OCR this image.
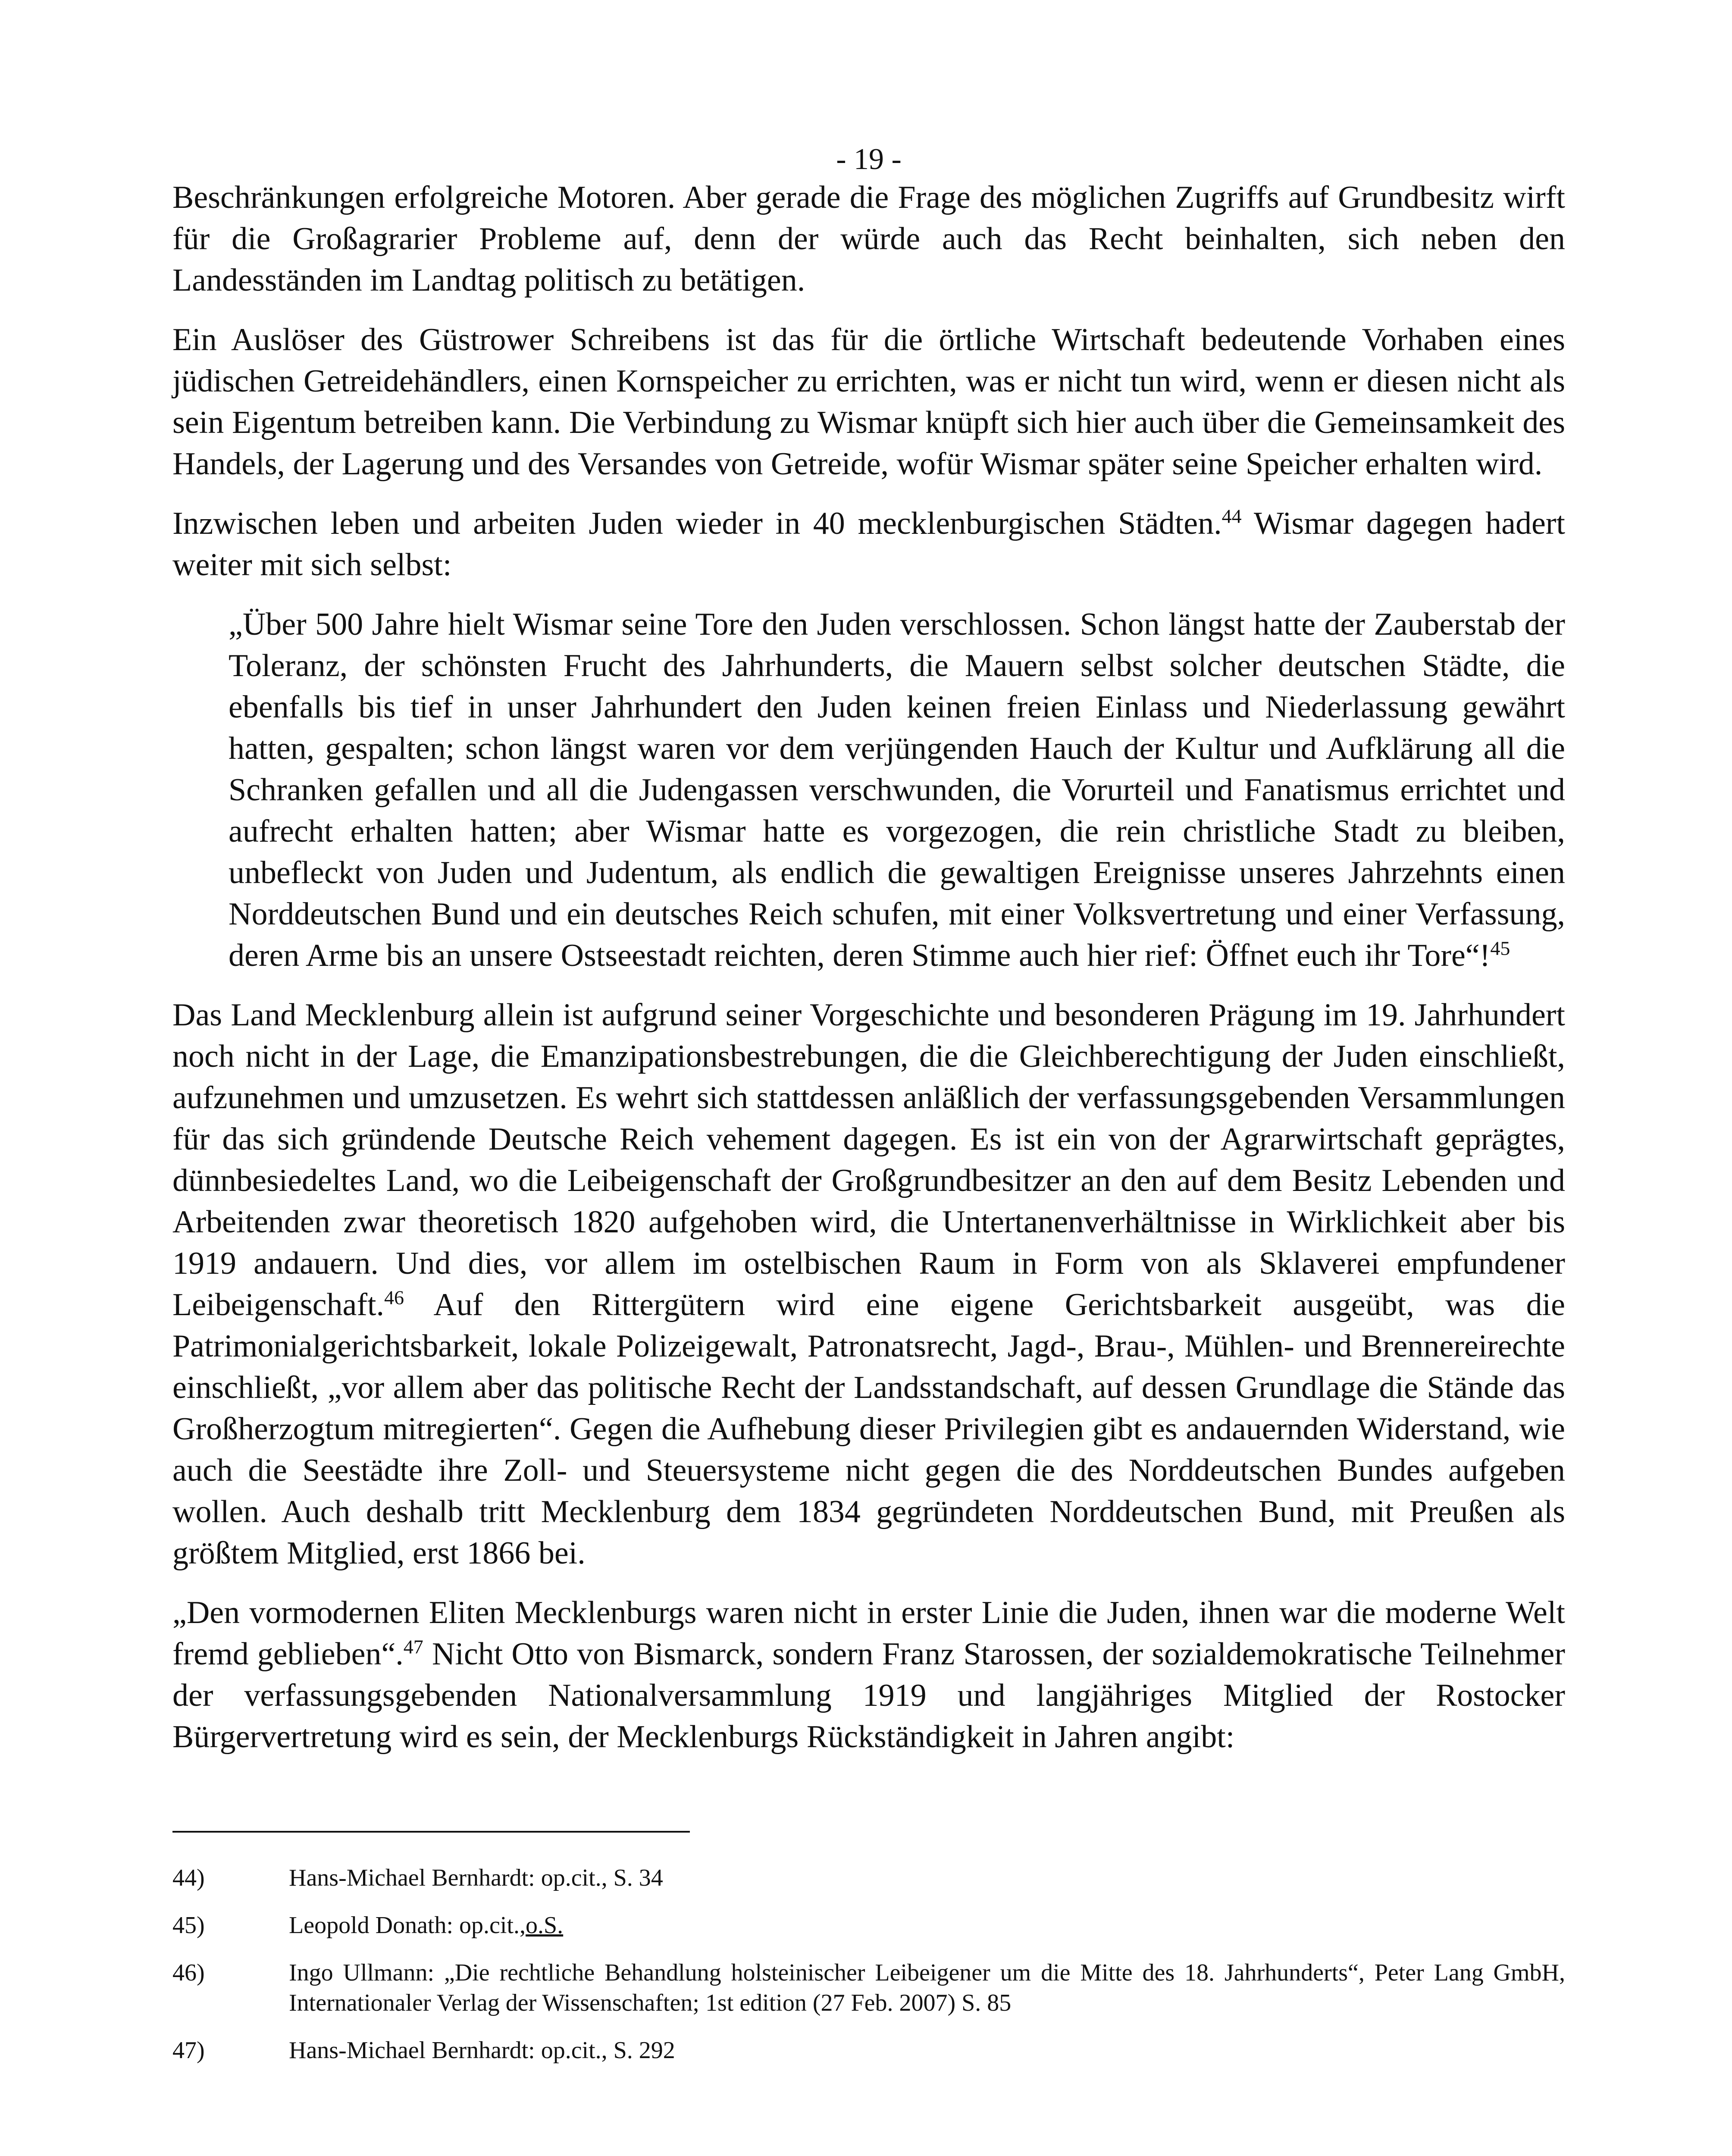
- 19 -

Beschränkungen erfolgreiche Motoren. Aber gerade die Frage des möglichen Zugriffs auf Grundbesitz wirft für die Großagrarier Probleme auf, denn der würde auch das Recht beinhalten, sich neben den Landesständen im Landtag politisch zu betätigen.

Ein Auslöser des Güstrower Schreibens ist das für die örtliche Wirtschaft bedeutende Vorhaben eines jüdischen Getreidehändlers, einen Kornspeicher zu errichten, was er nicht tun wird, wenn er diesen nicht als sein Eigentum betreiben kann. Die Verbindung zu Wismar knüpft sich hier auch über die Gemeinsamkeit des Handels, der Lagerung und des Versandes von Getreide, wofür Wismar später seine Speicher erhalten wird.

Inzwischen leben und arbeiten Juden wieder in 40 mecklenburgischen Städten.$^{44}$ Wismar dagegen hadert weiter mit sich selbst:

„Über 500 Jahre hielt Wismar seine Tore den Juden verschlossen. Schon längst hatte der Zauberstab der Toleranz, der schönsten Frucht des Jahrhunderts, die Mauern selbst solcher deutschen Städte, die ebenfalls bis tief in unser Jahrhundert den Juden keinen freien Einlass und Niederlassung gewährt hatten, gespalten; schon längst waren vor dem verjüngenden Hauch der Kultur und Aufklärung all die Schranken gefallen und all die Judengassen verschwunden, die Vorurteil und Fanatismus errichtet und aufrecht erhalten hatten; aber Wismar hatte es vorgezogen, die rein christliche Stadt zu bleiben, unbefleckt von Juden und Judentum, als endlich die gewaltigen Ereignisse unseres Jahrzehnts einen Norddeutschen Bund und ein deutsches Reich schufen, mit einer Volksvertretung und einer Verfassung, deren Arme bis an unsere Ostseestadt reichten, deren Stimme auch hier rief: Öffnet euch ihr Tore“!$^{45}$

Das Land Mecklenburg allein ist aufgrund seiner Vorgeschichte und besonderen Prägung im 19. Jahrhundert noch nicht in der Lage, die Emanzipationsbestrebungen, die die Gleichberechtigung der Juden einschließt, aufzunehmen und umzusetzen. Es wehrt sich stattdessen anläßlich der verfassungsgebenden Versammlungen für das sich gründende Deutsche Reich vehement dagegen. Es ist ein von der Agrarwirtschaft geprägtes, dünnbesiedeltes Land, wo die Leibeigenschaft der Großgrundbesitzer an den auf dem Besitz Lebenden und Arbeitenden zwar theoretisch 1820 aufgehoben wird, die Untertanenverhältnisse in Wirklichkeit aber bis 1919 andauern. Und dies, vor allem im ostelbischen Raum in Form von als Sklaverei empfundener Leibeigenschaft.$^{46}$ Auf den Rittergütern wird eine eigene Gerichtsbarkeit ausgeübt, was die Patrimonialgerichtsbarkeit, lokale Polizeigewalt, Patronatsrecht, Jagd-, Brau-, Mühlen- und Brennereirechte einschließt, „vor allem aber das politische Recht der Landsstandschaft, auf dessen Grundlage die Stände das Großherzogtum mitregierten“. Gegen die Aufhebung dieser Privilegien gibt es andauernden Widerstand, wie auch die Seestädte ihre Zoll- und Steuersysteme nicht gegen die des Norddeutschen Bundes aufgeben wollen. Auch deshalb tritt Mecklenburg dem 1834 gegründeten Norddeutschen Bund, mit Preußen als größtem Mitglied, erst 1866 bei.

„Den vormodernen Eliten Mecklenburgs waren nicht in erster Linie die Juden, ihnen war die moderne Welt fremd geblieben“.$^{47}$ Nicht Otto von Bismarck, sondern Franz Starossen, der sozialdemokratische Teilnehmer der verfassungsgebenden Nationalversammlung 1919 und langjähriges Mitglied der Rostocker Bürgervertretung wird es sein, der Mecklenburgs Rückständigkeit in Jahren angibt:

44)	Hans-Michael Bernhardt: op.cit., S. 34
45)	Leopold Donath: op.cit.,o.S.
46)	Ingo Ullmann: „Die rechtliche Behandlung holsteinischer Leibeigener um die Mitte des 18. Jahrhunderts“, Peter Lang GmbH, Internationaler Verlag der Wissenschaften; 1st edition (27 Feb. 2007) S. 85
47)	Hans-Michael Bernhardt: op.cit., S. 292
